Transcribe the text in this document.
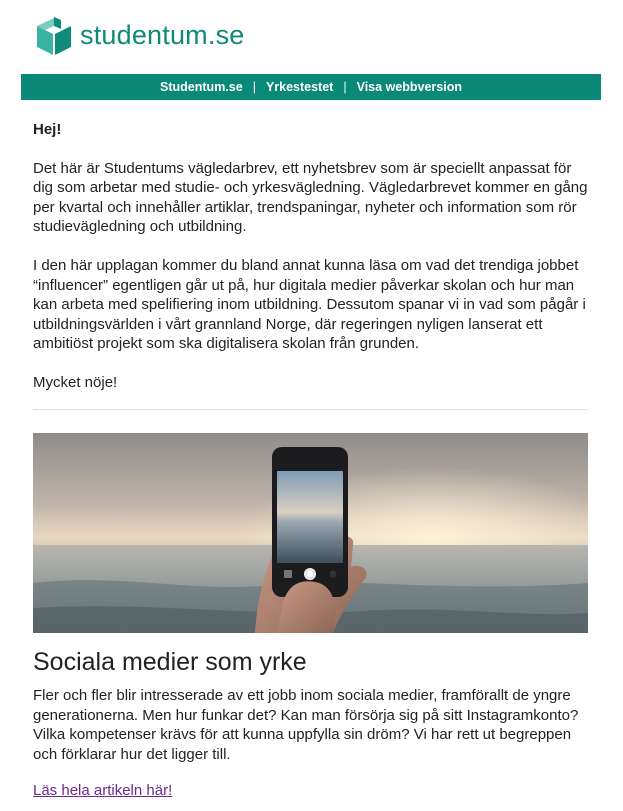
studentum.se
Studentum.se | Yrkestestet | Visa webbversion

Hej!

Det här är Studentums vägledarbrev, ett nyhetsbrev som är speciellt anpassat för dig som arbetar med studie- och yrkesvägledning. Vägledarbrevet kommer en gång per kvartal och innehåller artiklar, trendspaningar, nyheter och information som rör studievägledning och utbildning.

I den här upplagan kommer du bland annat kunna läsa om vad det trendiga jobbet “influencer” egentligen går ut på, hur digitala medier påverkar skolan och hur man kan arbeta med spelifiering inom utbildning. Dessutom spanar vi in vad som pågår i utbildningsvärlden i vårt grannland Norge, där regeringen nyligen lanserat ett ambitiöst projekt som ska digitalisera skolan från grunden.

Mycket nöje!

Sociala medier som yrke

Fler och fler blir intresserade av ett jobb inom sociala medier, framförallt de yngre generationerna. Men hur funkar det? Kan man försörja sig på sitt Instagramkonto? Vilka kompetenser krävs för att kunna uppfylla sin dröm? Vi har rett ut begreppen och förklarar hur det ligger till.

Läs hela artikeln här!
